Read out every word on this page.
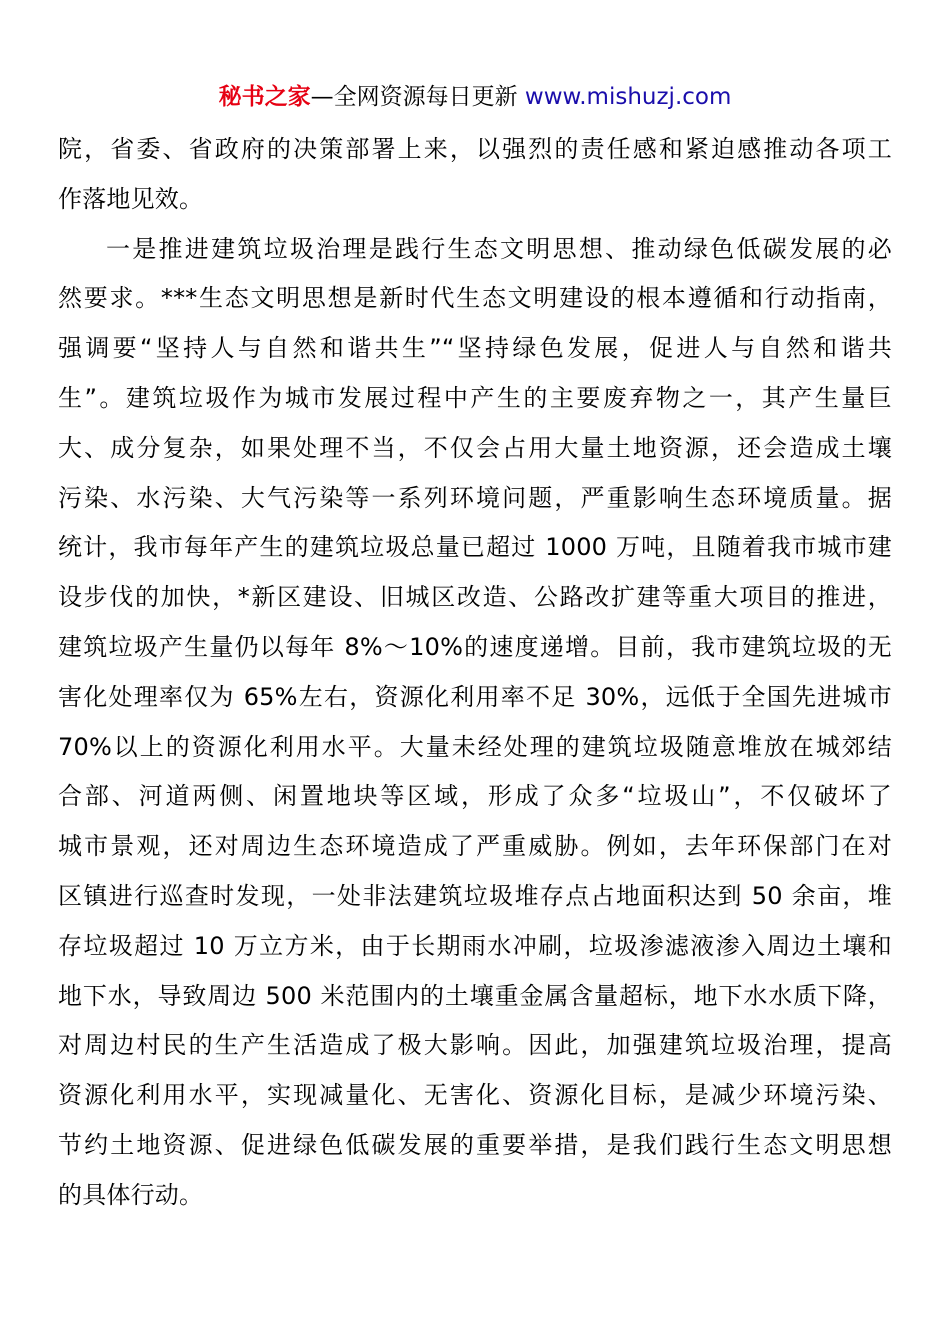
秘书之家—全网资源每日更新 www.mishuzj.com
院，省委、省政府的决策部署上来，以强烈的责任感和紧迫感推动各项工
作落地见效。
一是推进建筑垃圾治理是践行生态文明思想、推动绿色低碳发展的必
然要求。***生态文明思想是新时代生态文明建设的根本遵循和行动指南，
强调要“坚持人与自然和谐共生”“坚持绿色发展，促进人与自然和谐共
生”。建筑垃圾作为城市发展过程中产生的主要废弃物之一，其产生量巨
大、成分复杂，如果处理不当，不仅会占用大量土地资源，还会造成土壤
污染、水污染、大气污染等一系列环境问题，严重影响生态环境质量。据
统计，我市每年产生的建筑垃圾总量已超过 1000 万吨，且随着我市城市建
设步伐的加快，*新区建设、旧城区改造、公路改扩建等重大项目的推进，
建筑垃圾产生量仍以每年 8%～10%的速度递增。目前，我市建筑垃圾的无
害化处理率仅为 65%左右，资源化利用率不足 30%，远低于全国先进城市
70%以上的资源化利用水平。大量未经处理的建筑垃圾随意堆放在城郊结
合部、河道两侧、闲置地块等区域，形成了众多“垃圾山”，不仅破坏了
城市景观，还对周边生态环境造成了严重威胁。例如，去年环保部门在对
区镇进行巡查时发现，一处非法建筑垃圾堆存点占地面积达到 50 余亩，堆
存垃圾超过 10 万立方米，由于长期雨水冲刷，垃圾渗滤液渗入周边土壤和
地下水，导致周边 500 米范围内的土壤重金属含量超标，地下水水质下降，
对周边村民的生产生活造成了极大影响。因此，加强建筑垃圾治理，提高
资源化利用水平，实现减量化、无害化、资源化目标，是减少环境污染、
节约土地资源、促进绿色低碳发展的重要举措，是我们践行生态文明思想
的具体行动。
